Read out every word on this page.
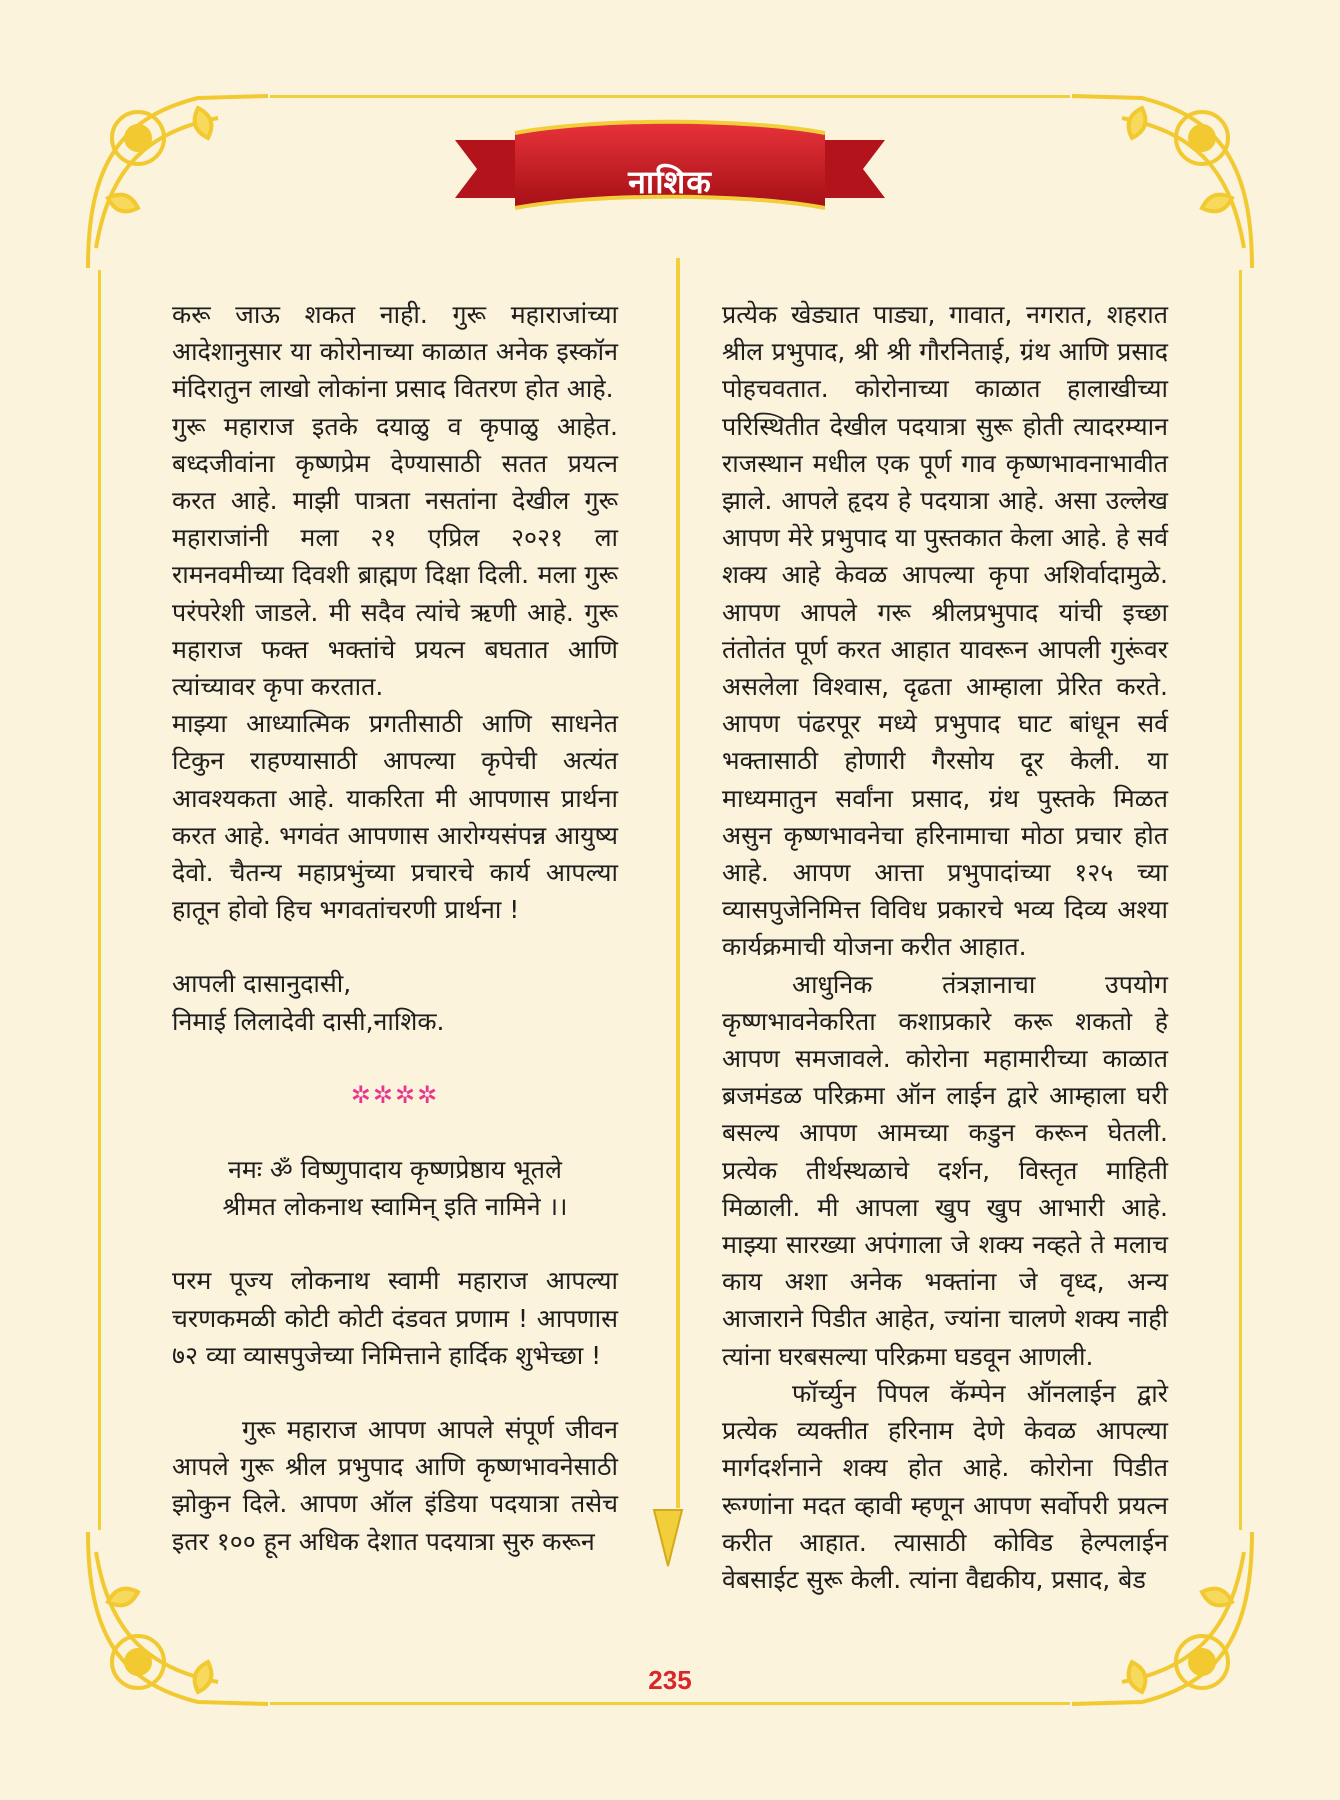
नाशिक

करू जाऊ शकत नाही. गुरू महाराजांच्या आदेशानुसार या कोरोनाच्या काळात अनेक इस्कॉन मंदिरातुन लाखो लोकांना प्रसाद वितरण होत आहे.

गुरू महाराज इतके दयाळु व कृपाळु आहेत. बध्दजीवांना कृष्णप्रेम देण्यासाठी सतत प्रयत्न करत आहे. माझी पात्रता नसतांना देखील गुरू महाराजांनी मला २१ एप्रिल २०२१ ला रामनवमीच्या दिवशी ब्राह्मण दिक्षा दिली. मला गुरू परंपरेशी जाडले. मी सदैव त्यांचे ऋणी आहे. गुरू महाराज फक्त भक्तांचे प्रयत्न बघतात आणि त्यांच्यावर कृपा करतात.

माझ्या आध्यात्मिक प्रगतीसाठी आणि साधनेत टिकुन राहण्यासाठी आपल्या कृपेची अत्यंत आवश्यकता आहे. याकरिता मी आपणास प्रार्थना करत आहे. भगवंत आपणास आरोग्यसंपन्न आयुष्य देवो. चैतन्य महाप्रभुंच्या प्रचारचे कार्य आपल्या हातून होवो हिच भगवतांचरणी प्रार्थना !

आपली दासानुदासी,

निमाई लिलादेवी दासी,नाशिक.

✲✲✲✲

नमः ॐ विष्णुपादाय कृष्णप्रेष्ठाय भूतले

श्रीमत लोकनाथ स्वामिन् इति नामिने ।।

परम पूज्य लोकनाथ स्वामी महाराज आपल्या चरणकमळी कोटी कोटी दंडवत प्रणाम ! आपणास ७२ व्या व्यासपुजेच्या निमित्ताने हार्दिक शुभेच्छा !

गुरू महाराज आपण आपले संपूर्ण जीवन आपले गुरू श्रील प्रभुपाद आणि कृष्णभावनेसाठी झोकुन दिले. आपण ऑल इंडिया पदयात्रा तसेच इतर १०० हून अधिक देशात पदयात्रा सुरु करून

प्रत्येक खेड्यात पाड्या, गावात, नगरात, शहरात श्रील प्रभुपाद, श्री श्री गौरनिताई, ग्रंथ आणि प्रसाद पोहचवतात. कोरोनाच्या काळात हालाखीच्या परिस्थितीत देखील पदयात्रा सुरू होती त्यादरम्यान राजस्थान मधील एक पूर्ण गाव कृष्णभावनाभावीत झाले. आपले हृदय हे पदयात्रा आहे. असा उल्लेख आपण मेरे प्रभुपाद या पुस्तकात केला आहे. हे सर्व शक्य आहे केवळ आपल्या कृपा अशिर्वादामुळे. आपण आपले गरू श्रीलप्रभुपाद यांची इच्छा तंतोतंत पूर्ण करत आहात यावरून आपली गुरूंवर असलेला विश्वास, दृढता आम्हाला प्रेरित करते. आपण पंढरपूर मध्ये प्रभुपाद घाट बांधून सर्व भक्तासाठी होणारी गैरसोय दूर केली. या माध्यमातुन सर्वांना प्रसाद, ग्रंथ पुस्तके मिळत असुन कृष्णभावनेचा हरिनामाचा मोठा प्रचार होत आहे. आपण आत्ता प्रभुपादांच्या १२५ च्या व्यासपुजेनिमित्त विविध प्रकारचे भव्य दिव्य अश्या कार्यक्रमाची योजना करीत आहात.

आधुनिक तंत्रज्ञानाचा उपयोग कृष्णभावनेकरिता कशाप्रकारे करू शकतो हे आपण समजावले. कोरोना महामारीच्या काळात ब्रजमंडळ परिक्रमा ऑन लाईन द्वारे आम्हाला घरी बसल्य आपण आमच्या कडुन करून घेतली. प्रत्येक तीर्थस्थळाचे दर्शन, विस्तृत माहिती मिळाली. मी आपला खुप खुप आभारी आहे. माझ्या सारख्या अपंगाला जे शक्य नव्हते ते मलाच काय अशा अनेक भक्तांना जे वृध्द, अन्य आजाराने पिडीत आहेत, ज्यांना चालणे शक्य नाही त्यांना घरबसल्या परिक्रमा घडवून आणली.

फॉर्च्युन पिपल कॅम्पेन ऑनलाईन द्वारे प्रत्येक व्यक्तीत हरिनाम देणे केवळ आपल्या मार्गदर्शनाने शक्य होत आहे. कोरोना पिडीत रूग्णांना मदत व्हावी म्हणून आपण सर्वोपरी प्रयत्न करीत आहात. त्यासाठी कोविड हेल्पलाईन वेबसाईट सुरू केली. त्यांना वैद्यकीय, प्रसाद, बेड

235
